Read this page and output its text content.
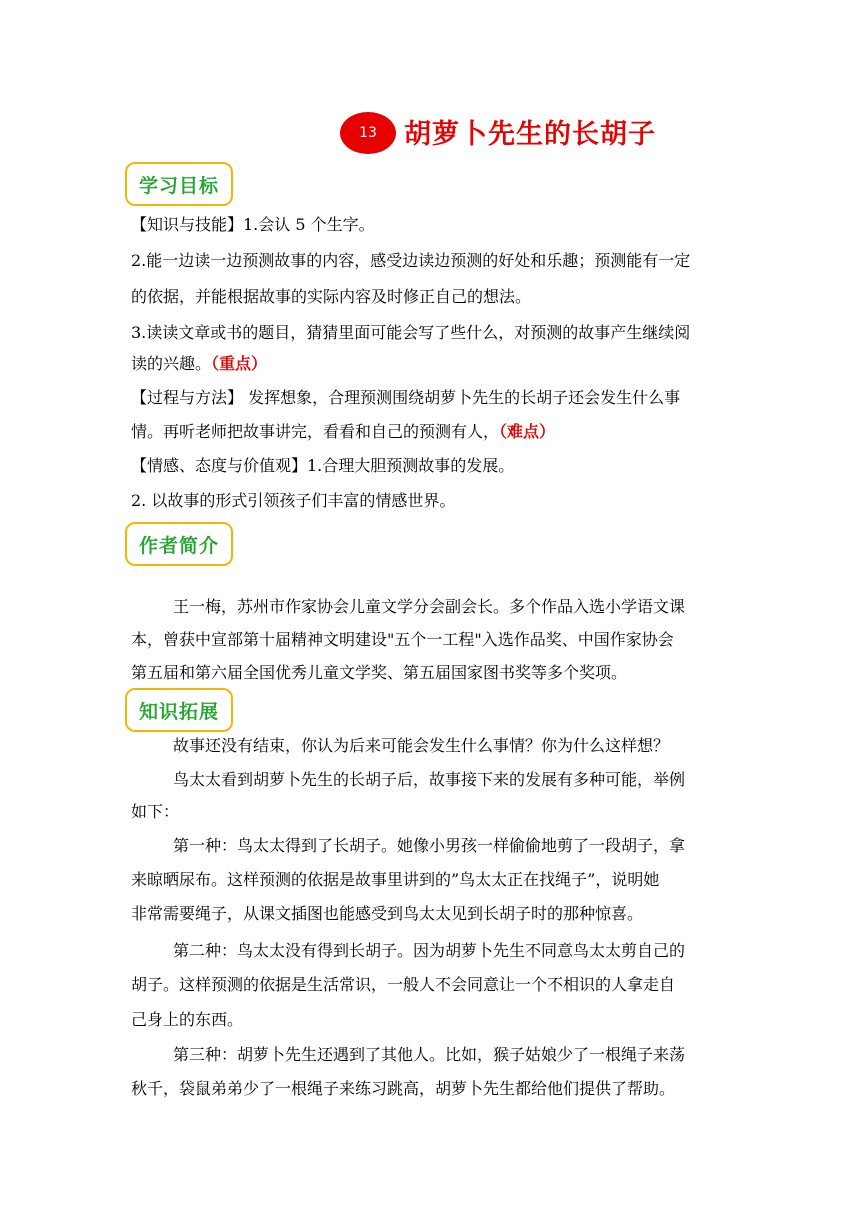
13	胡萝卜先生的长胡子
学习目标
【知识与技能】1.会认 5 个生字。
2.能一边读一边预测故事的内容，感受边读边预测的好处和乐趣；预测能有一定
的依据，并能根据故事的实际内容及时修正自己的想法。
3.读读文章或书的题目，猜猜里面可能会写了些什么，对预测的故事产生继续阅
读的兴趣。（重点）
【过程与方法】 发挥想象，合理预测围绕胡萝卜先生的长胡子还会发生什么事
情。再听老师把故事讲完，看看和自己的预测有人，（难点）
【情感、态度与价值观】1.合理大胆预测故事的发展。
2. 以故事的形式引领孩子们丰富的情感世界。
作者简介
王一梅，苏州市作家协会儿童文学分会副会长。多个作品入选小学语文课
本，曾获中宣部第十届精神文明建设"五个一工程"入选作品奖、中国作家协会
第五届和第六届全国优秀儿童文学奖、第五届国家图书奖等多个奖项。
知识拓展
故事还没有结束，你认为后来可能会发生什么事情？你为什么这样想？
鸟太太看到胡萝卜先生的长胡子后，故事接下来的发展有多种可能，举例
如下：
第一种：鸟太太得到了长胡子。她像小男孩一样偷偷地剪了一段胡子，拿
来晾晒尿布。这样预测的依据是故事里讲到的”鸟太太正在找绳子”，说明她
非常需要绳子，从课文插图也能感受到鸟太太见到长胡子时的那种惊喜。
第二种：鸟太太没有得到长胡子。因为胡萝卜先生不同意鸟太太剪自己的
胡子。这样预测的依据是生活常识，一般人不会同意让一个不相识的人拿走自
己身上的东西。
第三种：胡萝卜先生还遇到了其他人。比如，猴子姑娘少了一根绳子来荡
秋千，袋鼠弟弟少了一根绳子来练习跳高，胡萝卜先生都给他们提供了帮助。
